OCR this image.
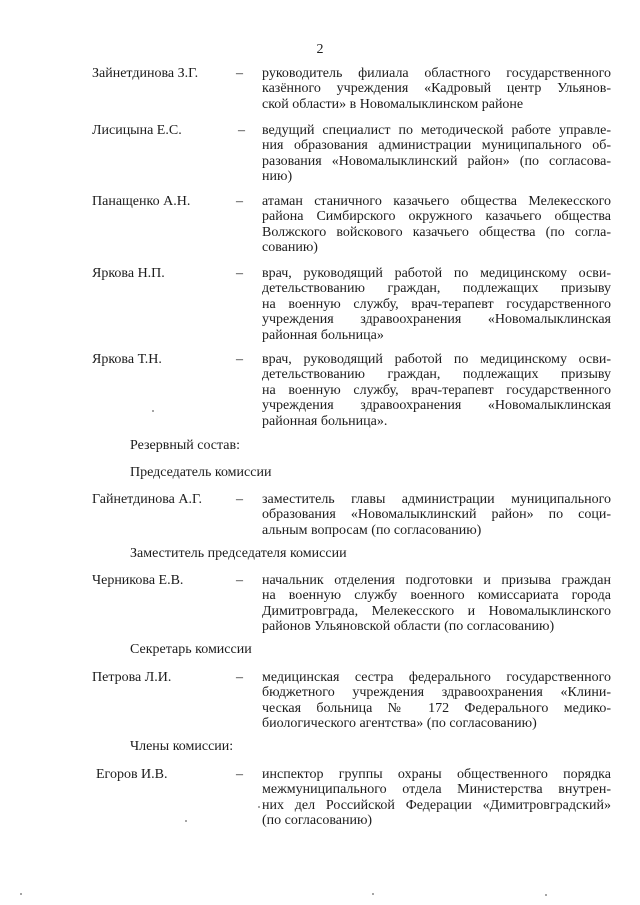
2
Зайнетдинова З.Г.	– руководитель филиала областного государственного
казённого учреждения «Кадровый центр Ульянов-
ской области» в Новомалыклинском районе
Лисицына Е.С.	– ведущий специалист по методической работе управле-
ния образования администрации муниципального об-
разования «Новомалыклинский район» (по согласова-
нию)
Панащенко А.Н.	– атаман станичного казачьего общества Мелекесского
района Симбирского окружного казачьего общества
Волжского войскового казачьего общества (по согла-
сованию)
Яркова Н.П.	– врач, руководящий работой по медицинскому осви-
детельствованию граждан, подлежащих призыву
на военную службу, врач-терапевт государственного
учреждения здравоохранения «Новомалыклинская
районная больница»
Яркова Т.Н.	– врач, руководящий работой по медицинскому осви-
детельствованию граждан, подлежащих призыву
на военную службу, врач-терапевт государственного
учреждения здравоохранения «Новомалыклинская
районная больница».
Резервный состав:
Председатель комиссии
Гайнетдинова А.Г. – заместитель главы администрации муниципального
образования «Новомалыклинский район» по соци-
альным вопросам (по согласованию)
Заместитель председателя комиссии
Черникова Е.В.	– начальник отделения подготовки и призыва граждан
на военную службу военного комиссариата города
Димитровграда, Мелекесского и Новомалыклинского
районов Ульяновской области (по согласованию)
Секретарь комиссии
Петрова Л.И.	– медицинская сестра федерального государственного
бюджетного учреждения здравоохранения «Клини-
ческая больница № 172 Федерального медико-
биологического агентства» (по согласованию)
Члены комиссии:
Егоров И.В.	– инспектор группы охраны общественного порядка
межмуниципального отдела Министерства внутрен-
них дел Российской Федерации «Димитровградский»
(по согласованию)
